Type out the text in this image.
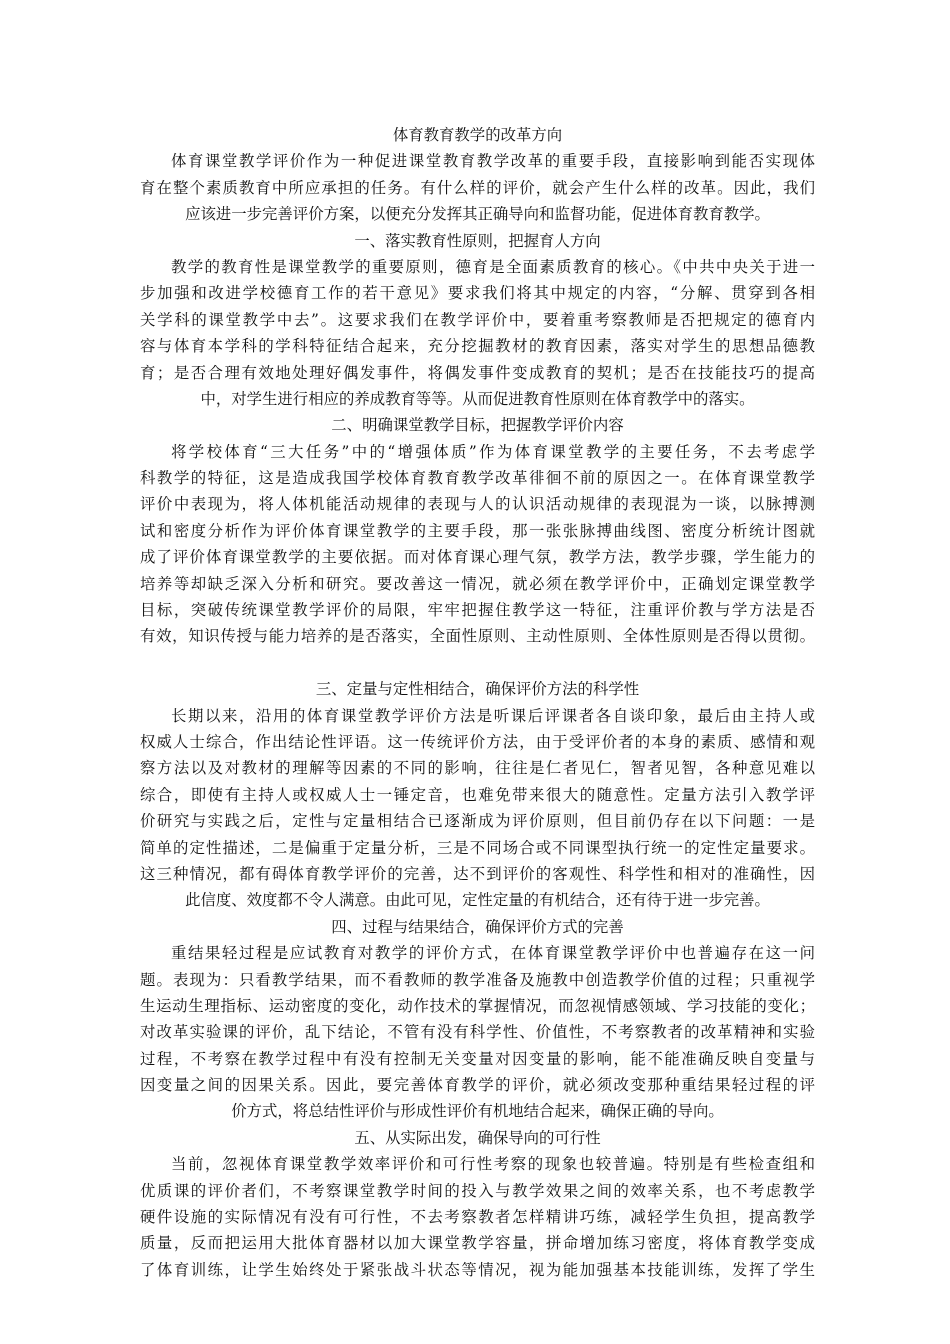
体育教育教学的改革方向
体育课堂教学评价作为一种促进课堂教育教学改革的重要手段，直接影响到能否实现体
育在整个素质教育中所应承担的任务。有什么样的评价，就会产生什么样的改革。因此，我们
应该进一步完善评价方案，以便充分发挥其正确导向和监督功能，促进体育教育教学。
一、落实教育性原则，把握育人方向
教学的教育性是课堂教学的重要原则，德育是全面素质教育的核心。《中共中央关于进一
步加强和改进学校德育工作的若干意见》要求我们将其中规定的内容，“分解、贯穿到各相
关学科的课堂教学中去”。这要求我们在教学评价中，要着重考察教师是否把规定的德育内
容与体育本学科的学科特征结合起来，充分挖掘教材的教育因素，落实对学生的思想品德教
育；是否合理有效地处理好偶发事件，将偶发事件变成教育的契机；是否在技能技巧的提高
中，对学生进行相应的养成教育等等。从而促进教育性原则在体育教学中的落实。
二、明确课堂教学目标，把握教学评价内容
将学校体育“三大任务”中的“增强体质”作为体育课堂教学的主要任务，不去考虑学
科教学的特征，这是造成我国学校体育教育教学改革徘徊不前的原因之一。在体育课堂教学
评价中表现为，将人体机能活动规律的表现与人的认识活动规律的表现混为一谈，以脉搏测
试和密度分析作为评价体育课堂教学的主要手段，那一张张脉搏曲线图、密度分析统计图就
成了评价体育课堂教学的主要依据。而对体育课心理气氛，教学方法，教学步骤，学生能力的
培养等却缺乏深入分析和研究。要改善这一情况，就必须在教学评价中，正确划定课堂教学
目标，突破传统课堂教学评价的局限，牢牢把握住教学这一特征，注重评价教与学方法是否
有效，知识传授与能力培养的是否落实，全面性原则、主动性原则、全体性原则是否得以贯彻。
三、定量与定性相结合，确保评价方法的科学性
长期以来，沿用的体育课堂教学评价方法是听课后评课者各自谈印象，最后由主持人或
权威人士综合，作出结论性评语。这一传统评价方法，由于受评价者的本身的素质、感情和观
察方法以及对教材的理解等因素的不同的影响，往往是仁者见仁，智者见智，各种意见难以
综合，即使有主持人或权威人士一锤定音，也难免带来很大的随意性。定量方法引入教学评
价研究与实践之后，定性与定量相结合已逐渐成为评价原则，但目前仍存在以下问题：一是
简单的定性描述，二是偏重于定量分析，三是不同场合或不同课型执行统一的定性定量要求。
这三种情况，都有碍体育教学评价的完善，达不到评价的客观性、科学性和相对的准确性，因
此信度、效度都不令人满意。由此可见，定性定量的有机结合，还有待于进一步完善。
四、过程与结果结合，确保评价方式的完善
重结果轻过程是应试教育对教学的评价方式，在体育课堂教学评价中也普遍存在这一问
题。表现为：只看教学结果，而不看教师的教学准备及施教中创造教学价值的过程；只重视学
生运动生理指标、运动密度的变化，动作技术的掌握情况，而忽视情感领域、学习技能的变化；
对改革实验课的评价，乱下结论，不管有没有科学性、价值性，不考察教者的改革精神和实验
过程，不考察在教学过程中有没有控制无关变量对因变量的影响，能不能准确反映自变量与
因变量之间的因果关系。因此，要完善体育教学的评价，就必须改变那种重结果轻过程的评
价方式，将总结性评价与形成性评价有机地结合起来，确保正确的导向。
五、从实际出发，确保导向的可行性
当前，忽视体育课堂教学效率评价和可行性考察的现象也较普遍。特别是有些检查组和
优质课的评价者们，不考察课堂教学时间的投入与教学效果之间的效率关系，也不考虑教学
硬件设施的实际情况有没有可行性，不去考察教者怎样精讲巧练，减轻学生负担，提高教学
质量，反而把运用大批体育器材以加大课堂教学容量，拼命增加练习密度，将体育教学变成
了体育训练，让学生始终处于紧张战斗状态等情况，视为能加强基本技能训练，发挥了学生
